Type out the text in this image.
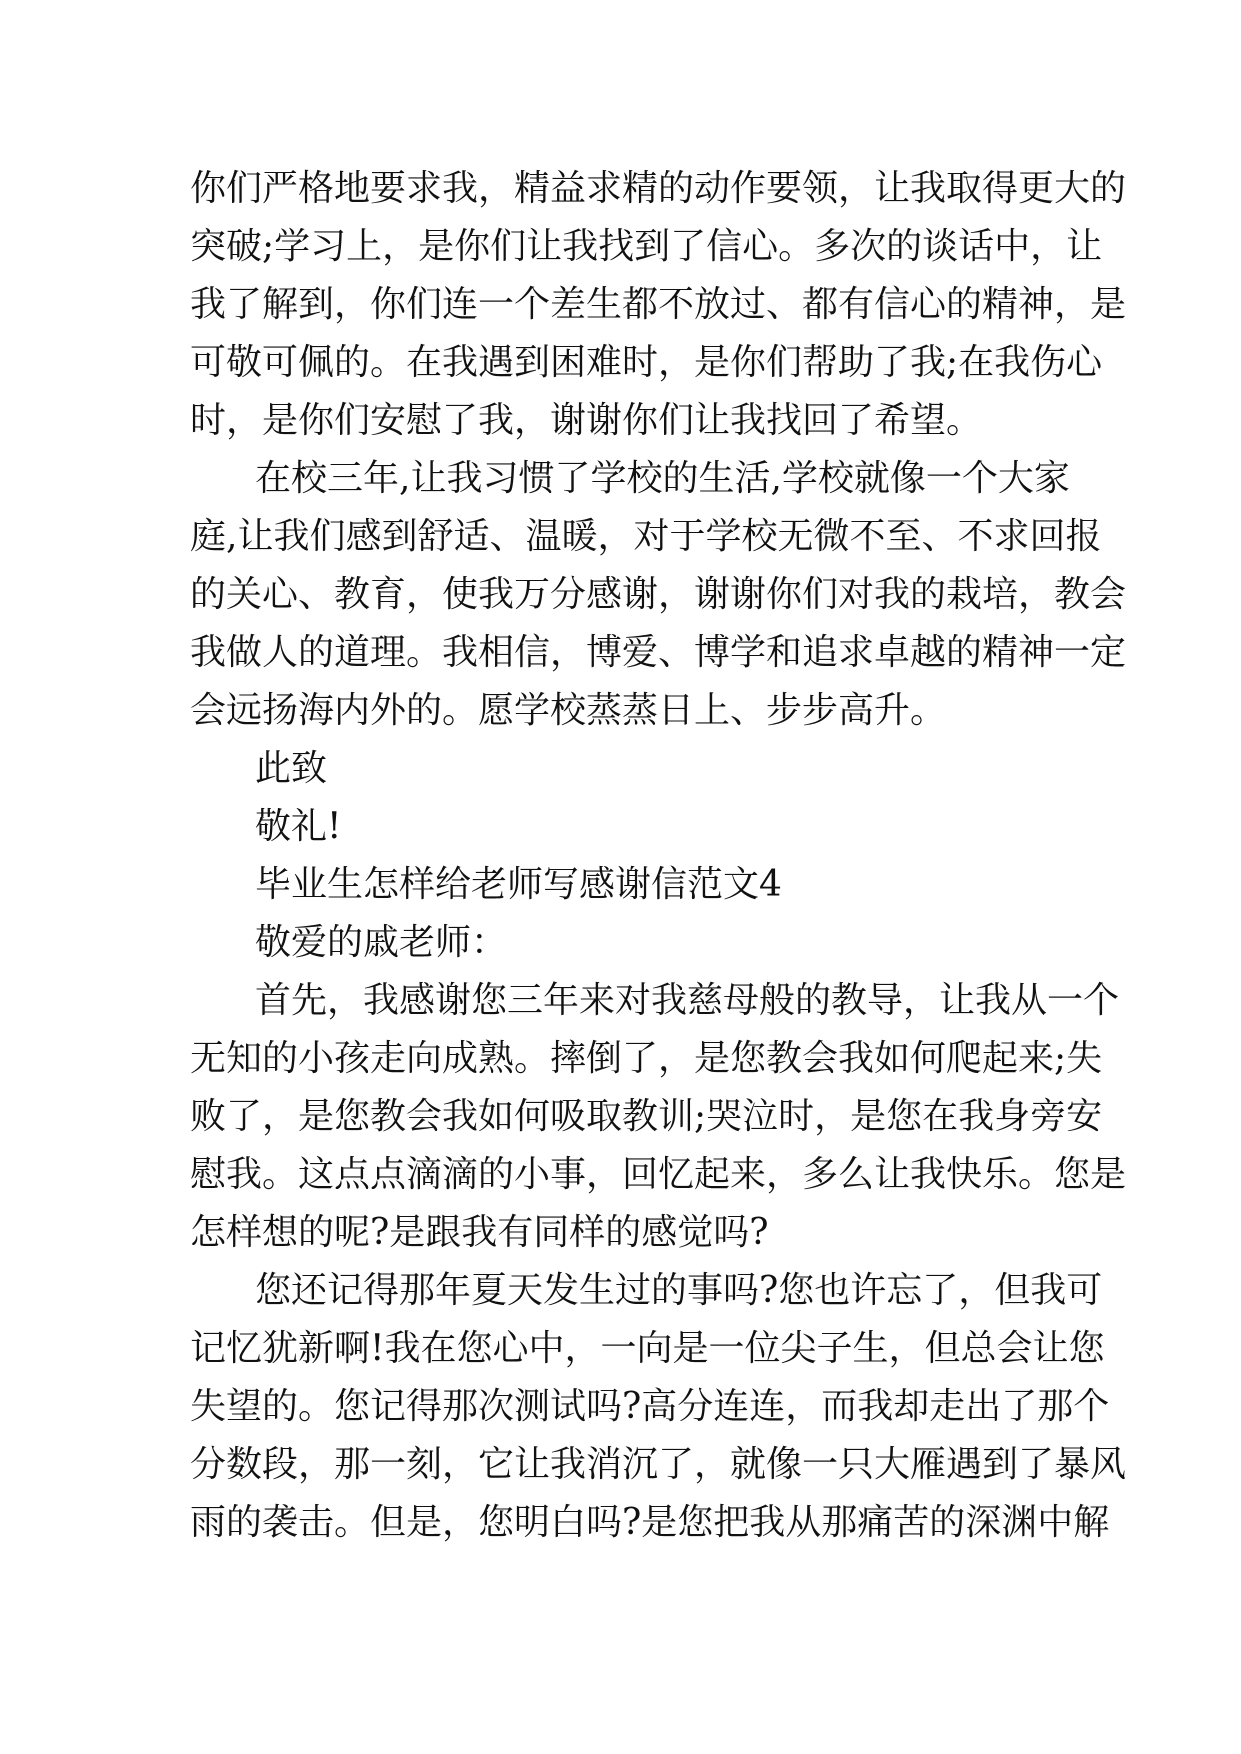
你们严格地要求我，精益求精的动作要领，让我取得更大的
突破;学习上，是你们让我找到了信心。多次的谈话中，让
我了解到，你们连一个差生都不放过、都有信心的精神，是
可敬可佩的。在我遇到困难时，是你们帮助了我;在我伤心
时，是你们安慰了我，谢谢你们让我找回了希望。
在校三年,让我习惯了学校的生活,学校就像一个大家
庭,让我们感到舒适、温暖，对于学校无微不至、不求回报
的关心、教育，使我万分感谢，谢谢你们对我的栽培，教会
我做人的道理。我相信，博爱、博学和追求卓越的精神一定
会远扬海内外的。愿学校蒸蒸日上、步步高升。
此致
敬礼!
毕业生怎样给老师写感谢信范文4
敬爱的戚老师：
首先，我感谢您三年来对我慈母般的教导，让我从一个
无知的小孩走向成熟。摔倒了，是您教会我如何爬起来;失
败了，是您教会我如何吸取教训;哭泣时，是您在我身旁安
慰我。这点点滴滴的小事，回忆起来，多么让我快乐。您是
怎样想的呢?是跟我有同样的感觉吗?
您还记得那年夏天发生过的事吗?您也许忘了，但我可
记忆犹新啊!我在您心中，一向是一位尖子生，但总会让您
失望的。您记得那次测试吗?高分连连，而我却走出了那个
分数段，那一刻，它让我消沉了，就像一只大雁遇到了暴风
雨的袭击。但是，您明白吗?是您把我从那痛苦的深渊中解
